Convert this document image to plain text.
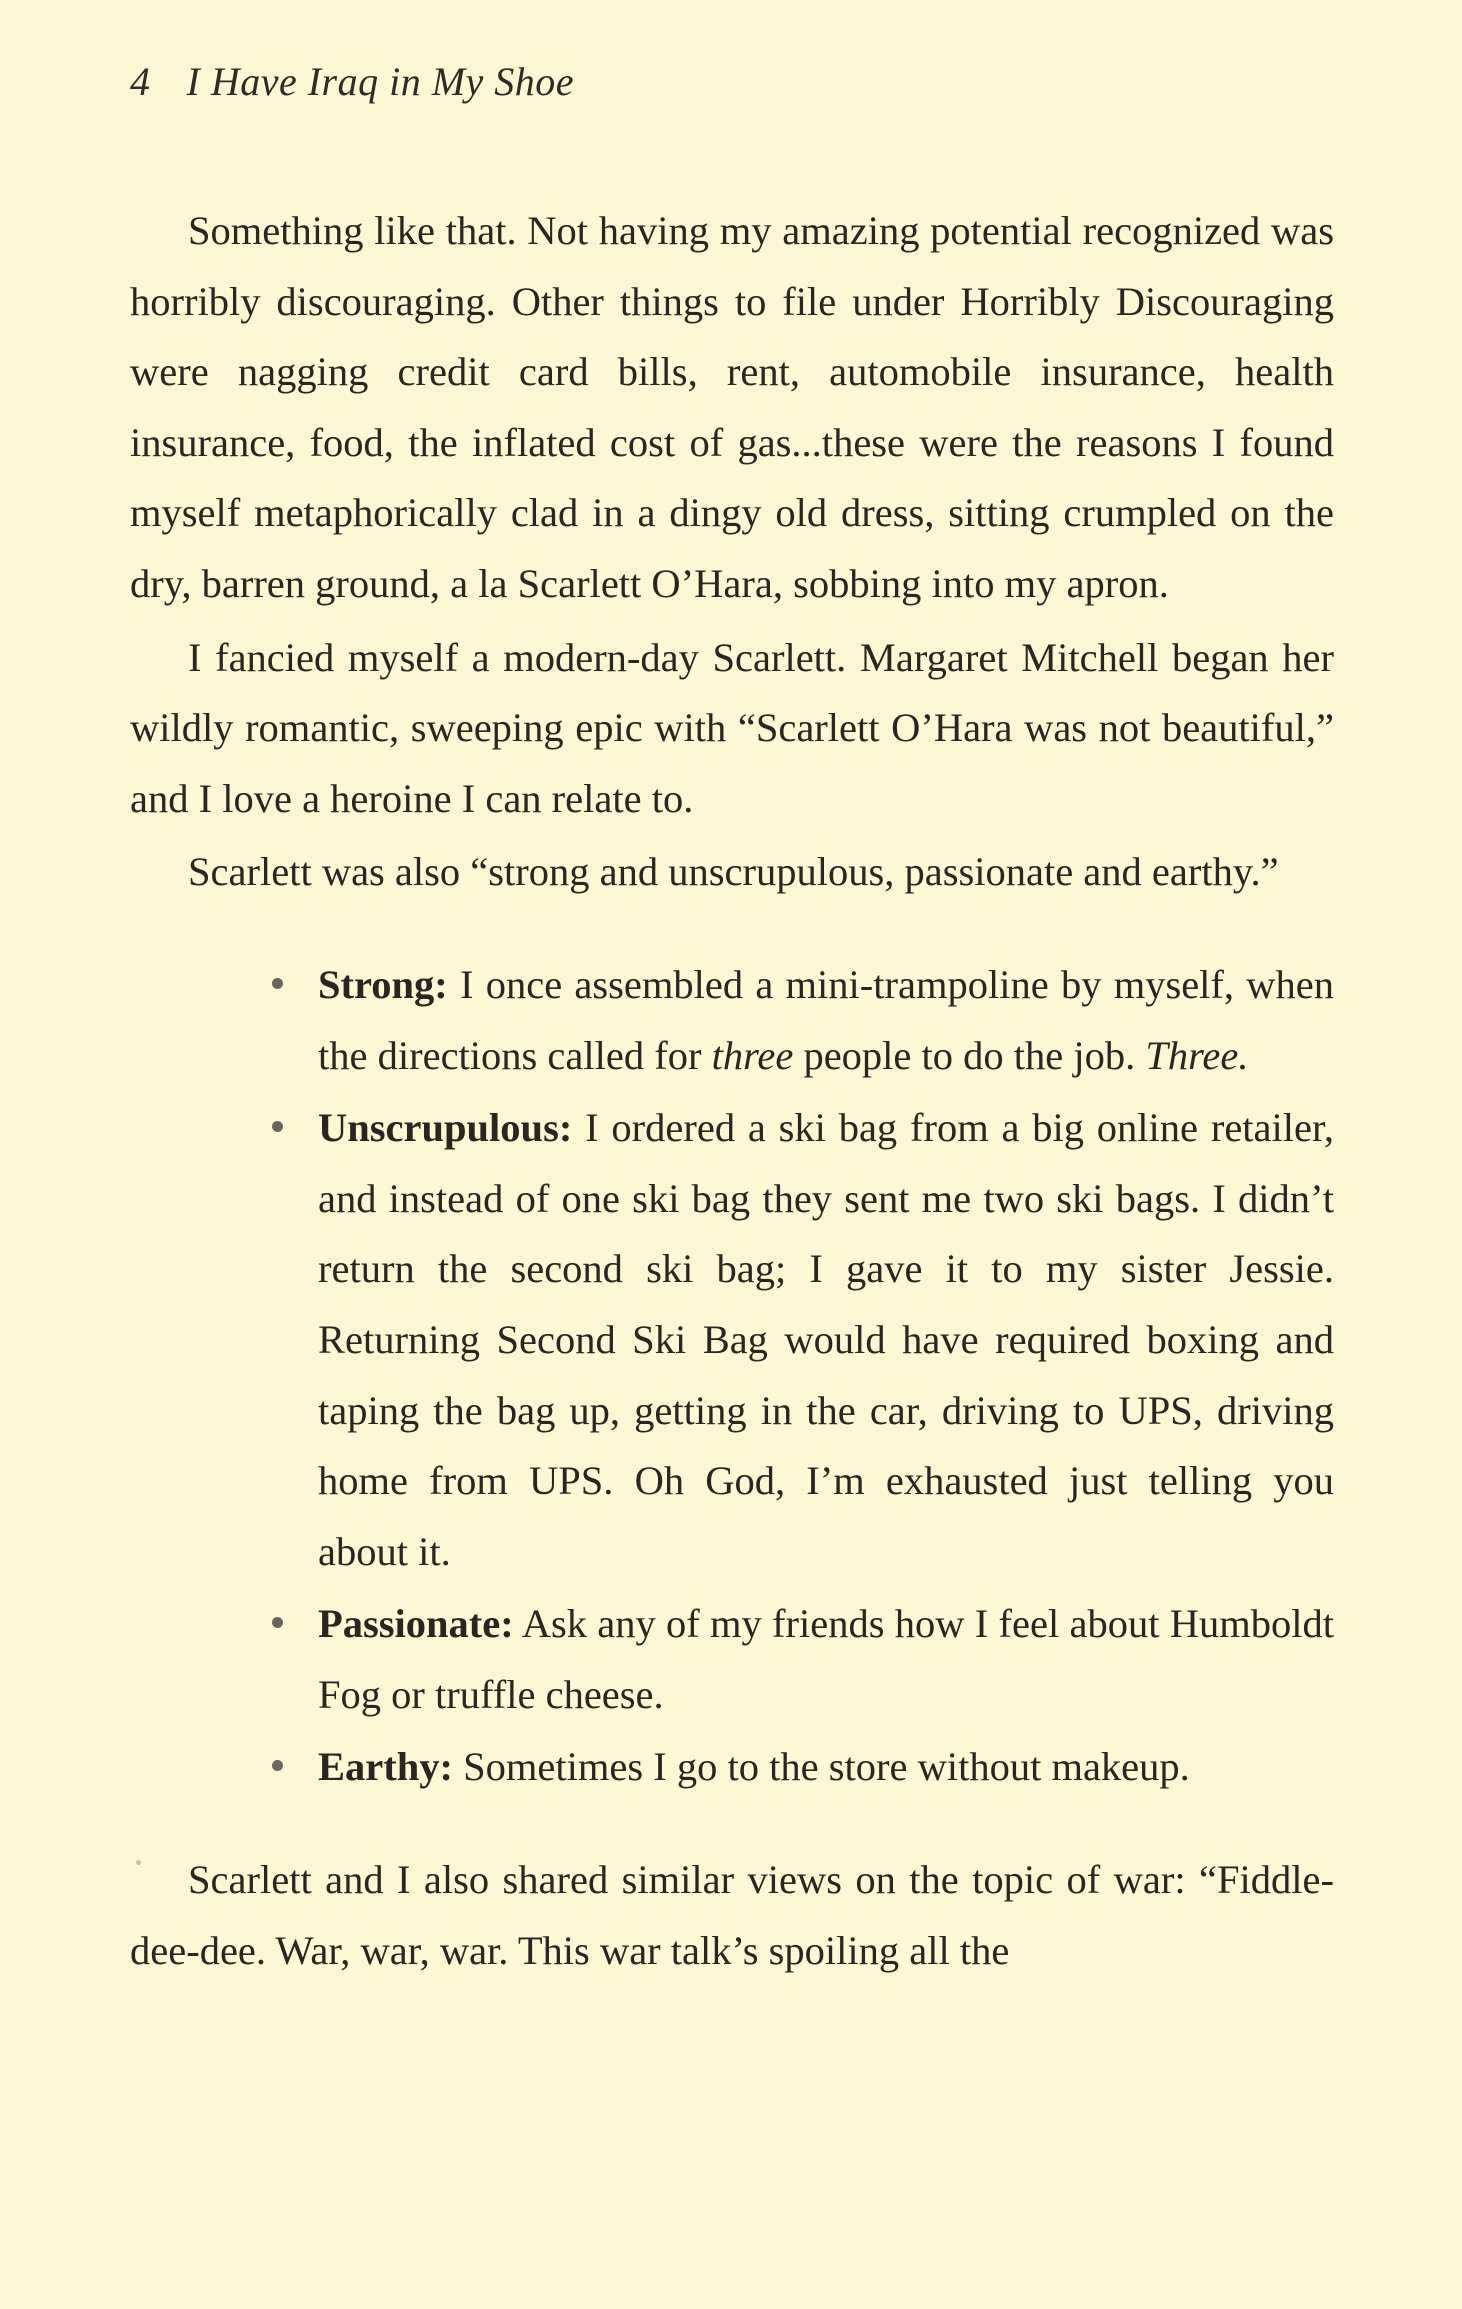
4 I Have Iraq in My Shoe

Something like that. Not having my amazing potential recognized was horribly discouraging. Other things to file under Horribly Discouraging were nagging credit card bills, rent, automobile insurance, health insurance, food, the inflated cost of gas...these were the reasons I found myself metaphorically clad in a dingy old dress, sitting crumpled on the dry, barren ground, a la Scarlett O’Hara, sobbing into my apron.

I fancied myself a modern-day Scarlett. Margaret Mitchell began her wildly romantic, sweeping epic with “Scarlett O’Hara was not beautiful,” and I love a heroine I can relate to.

Scarlett was also “strong and unscrupulous, passionate and earthy.”

Strong: I once assembled a mini-trampoline by myself, when the directions called for three people to do the job. Three.
Unscrupulous: I ordered a ski bag from a big online retailer, and instead of one ski bag they sent me two ski bags. I didn’t return the second ski bag; I gave it to my sister Jessie. Returning Second Ski Bag would have required boxing and taping the bag up, getting in the car, driving to UPS, driving home from UPS. Oh God, I’m exhausted just telling you about it.
Passionate: Ask any of my friends how I feel about Humboldt Fog or truffle cheese.
Earthy: Sometimes I go to the store without makeup.

Scarlett and I also shared similar views on the topic of war: “Fiddle-dee-dee. War, war, war. This war talk’s spoiling all the
